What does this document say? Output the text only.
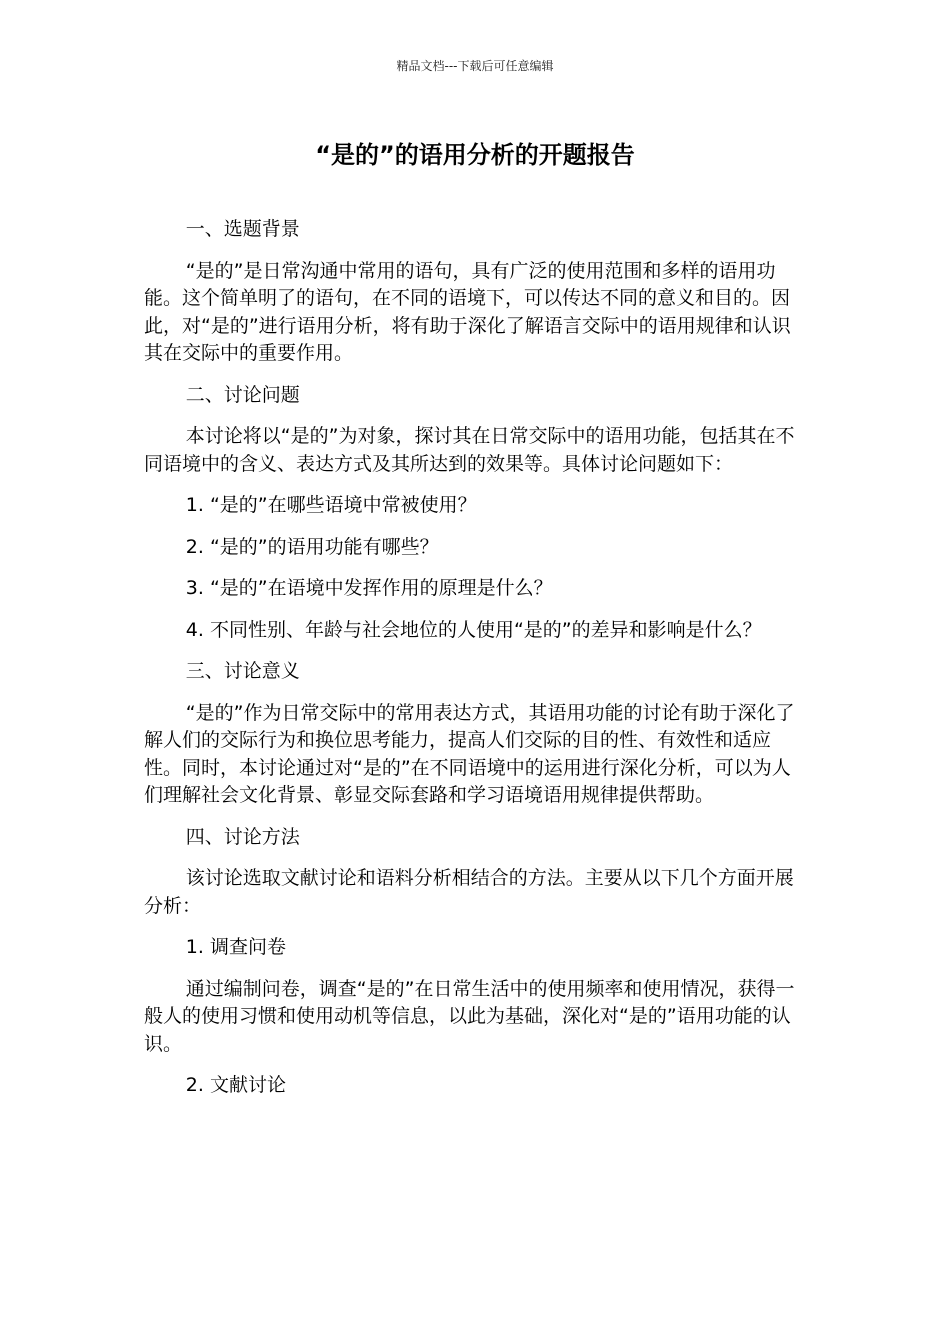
精品文档---下载后可任意编辑
“是的”的语用分析的开题报告

一、选题背景

“是的”是日常沟通中常用的语句，具有广泛的使用范围和多样的语用功能。这个简单明了的语句，在不同的语境下，可以传达不同的意义和目的。因此，对“是的”进行语用分析，将有助于深化了解语言交际中的语用规律和认识其在交际中的重要作用。

二、讨论问题

本讨论将以“是的”为对象，探讨其在日常交际中的语用功能，包括其在不同语境中的含义、表达方式及其所达到的效果等。具体讨论问题如下：

1. “是的”在哪些语境中常被使用？

2. “是的”的语用功能有哪些？

3. “是的”在语境中发挥作用的原理是什么？

4. 不同性别、年龄与社会地位的人使用“是的”的差异和影响是什么？

三、讨论意义

“是的”作为日常交际中的常用表达方式，其语用功能的讨论有助于深化了解人们的交际行为和换位思考能力，提高人们交际的目的性、有效性和适应性。同时，本讨论通过对“是的”在不同语境中的运用进行深化分析，可以为人们理解社会文化背景、彰显交际套路和学习语境语用规律提供帮助。

四、讨论方法

该讨论选取文献讨论和语料分析相结合的方法。主要从以下几个方面开展分析：

1. 调查问卷

通过编制问卷，调查“是的”在日常生活中的使用频率和使用情况，获得一般人的使用习惯和使用动机等信息，以此为基础，深化对“是的”语用功能的认识。

2. 文献讨论
